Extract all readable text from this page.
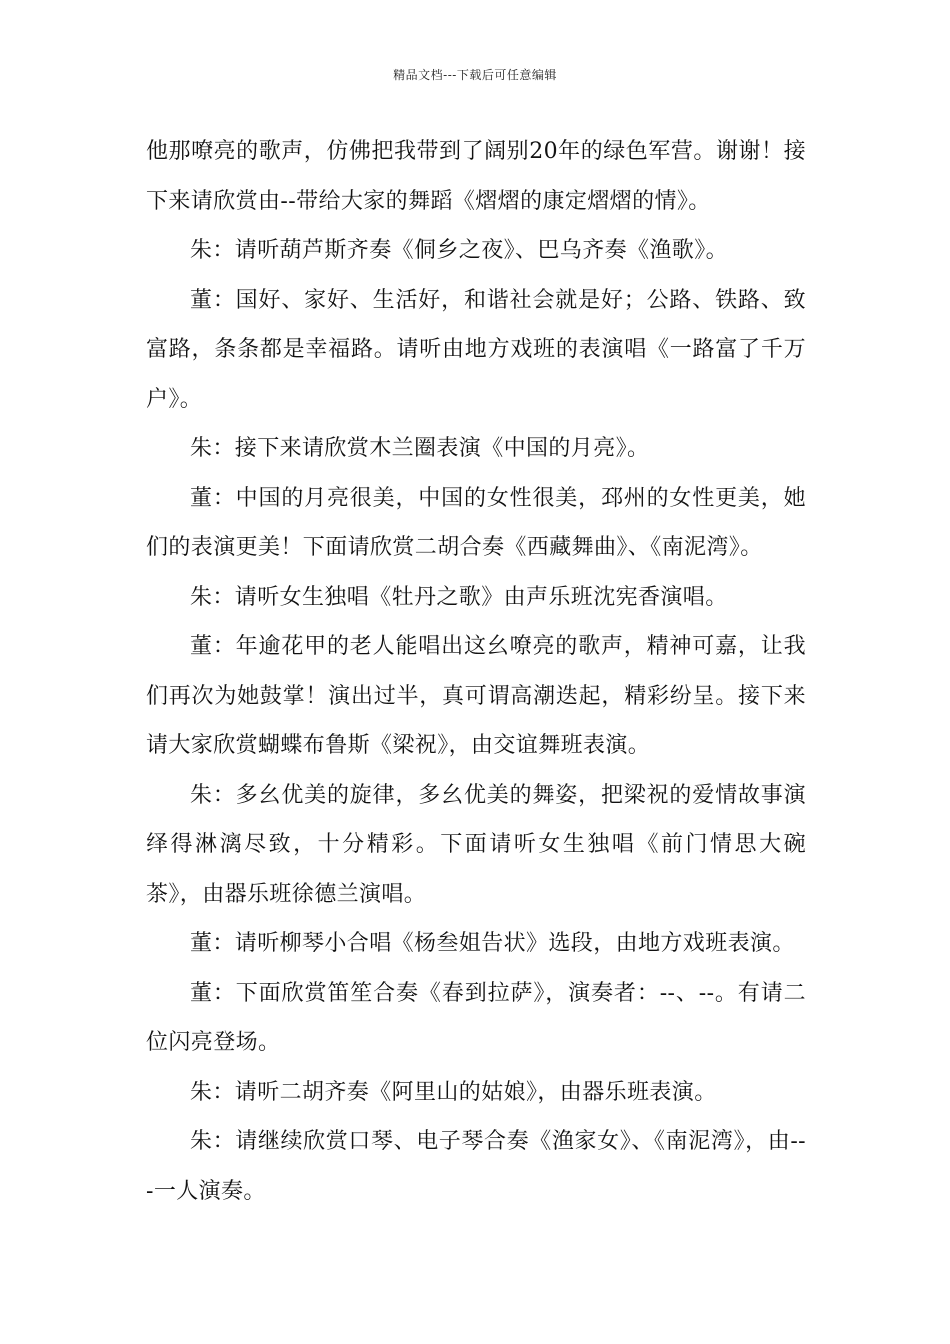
精品文档---下载后可任意编辑

他那嘹亮的歌声，仿佛把我带到了阔别20年的绿色军营。谢谢！接下来请欣赏由--带给大家的舞蹈《熠熠的康定熠熠的情》。

朱：请听葫芦斯齐奏《侗乡之夜》、巴乌齐奏《渔歌》。

董：国好、家好、生活好，和谐社会就是好；公路、铁路、致富路，条条都是幸福路。请听由地方戏班的表演唱《一路富了千万户》。

朱：接下来请欣赏木兰圈表演《中国的月亮》。

董：中国的月亮很美，中国的女性很美，邳州的女性更美，她们的表演更美！下面请欣赏二胡合奏《西藏舞曲》、《南泥湾》。

朱：请听女生独唱《牡丹之歌》由声乐班沈宪香演唱。

董：年逾花甲的老人能唱出这幺嘹亮的歌声，精神可嘉，让我们再次为她鼓掌！演出过半，真可谓高潮迭起，精彩纷呈。接下来请大家欣赏蝴蝶布鲁斯《梁祝》，由交谊舞班表演。

朱：多幺优美的旋律，多幺优美的舞姿，把梁祝的爱情故事演绎得淋漓尽致，十分精彩。下面请听女生独唱《前门情思大碗茶》，由器乐班徐德兰演唱。

董：请听柳琴小合唱《杨叁姐告状》选段，由地方戏班表演。

董：下面欣赏笛笙合奏《春到拉萨》，演奏者：--、--。有请二位闪亮登场。

朱：请听二胡齐奏《阿里山的姑娘》，由器乐班表演。

朱：请继续欣赏口琴、电子琴合奏《渔家女》、《南泥湾》，由---一人演奏。
